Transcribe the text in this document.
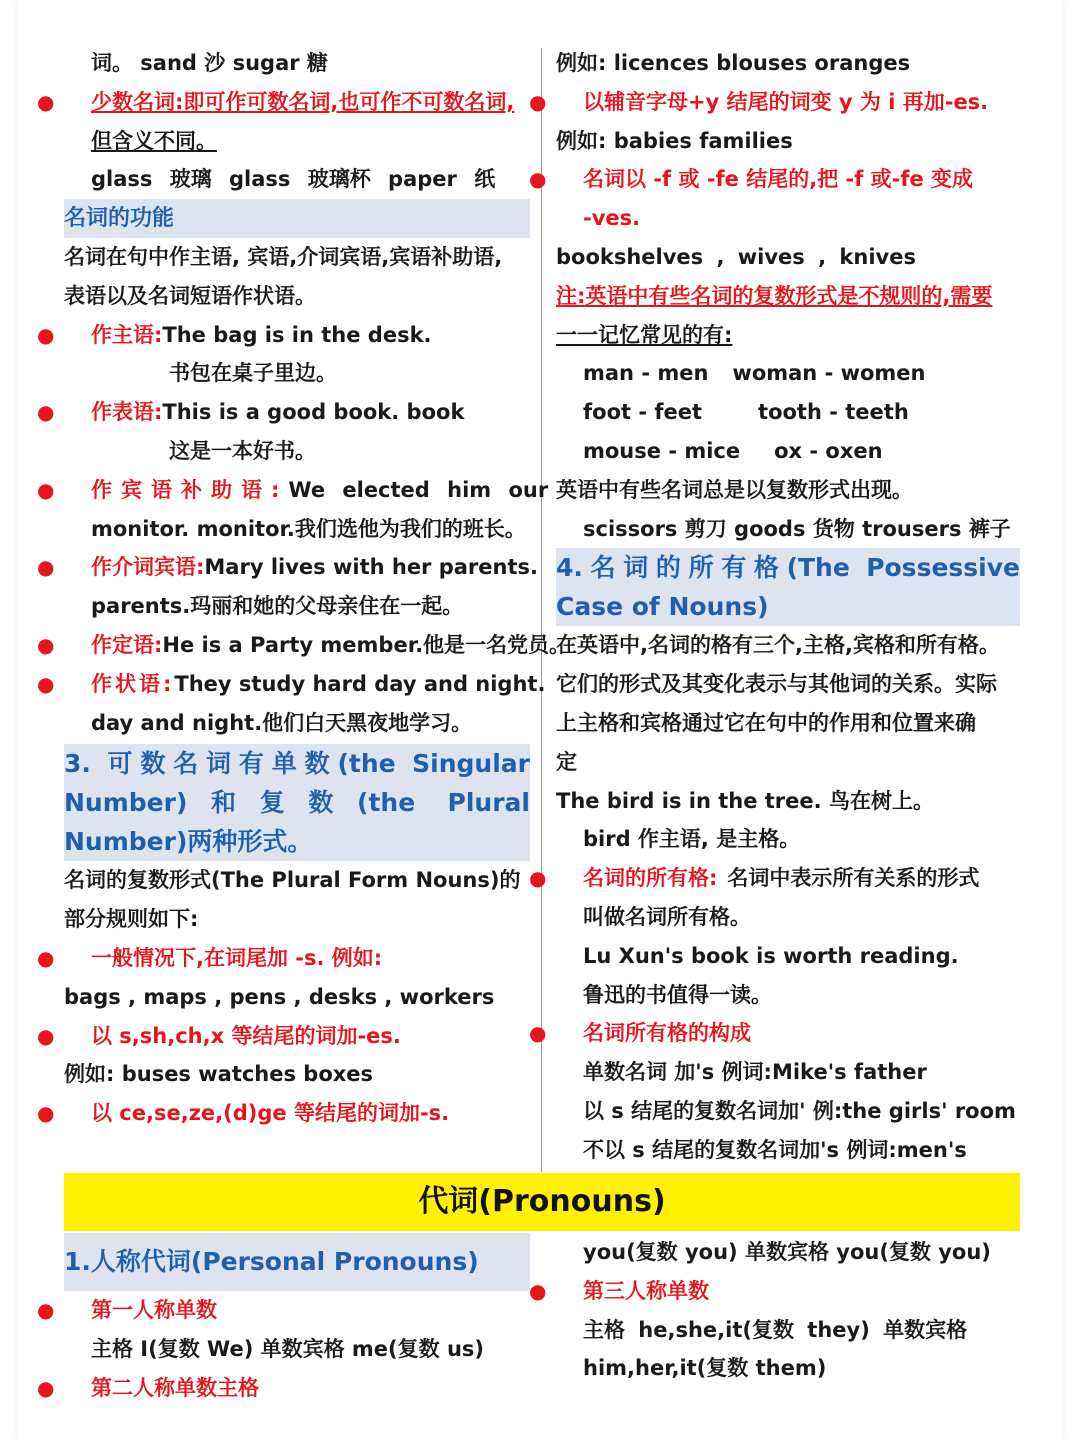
词。 sand 沙 sugar 糖
● 少数名词:即可作可数名词,也可作不可数名词,
但含义不同。
glass 玻璃 glass 玻璃杯 paper 纸
名词的功能
名词在句中作主语, 宾语,介词宾语,宾语补助语,
表语以及名词短语作状语。
● 作主语:The bag is in the desk.
书包在桌子里边。
● 作表语:This is a good book. book
这是一本好书。
● 作宾语补助语:We elected him our
monitor. monitor.我们选他为我们的班长。
● 作介词宾语:Mary lives with her parents.
parents.玛丽和她的父母亲住在一起。
● 作定语:He is a Party member.他是一名党员。
● 作状语:They study hard day and night.
day and night.他们白天黑夜地学习。
3. 可数名词有单数(the Singular Number)和复数(the Plural Number)两种形式。
名词的复数形式(The Plural Form Nouns)的
部分规则如下:
● 一般情况下,在词尾加 -s. 例如:
bags , maps , pens , desks , workers
● 以 s,sh,ch,x 等结尾的词加-es.
例如: buses watches boxes
● 以 ce,se,ze,(d)ge 等结尾的词加-s.
例如: licences blouses oranges
● 以辅音字母+y 结尾的词变 y 为 i 再加-es.
例如: babies families
● 名词以 -f 或 -fe 结尾的,把 -f 或-fe 变成
-ves.
bookshelves , wives , knives
注:英语中有些名词的复数形式是不规则的,需要
一一记忆常见的有:
man - men woman - women
foot - feet	tooth - teeth
mouse - mice ox - oxen
英语中有些名词总是以复数形式出现。
scissors 剪刀 goods 货物 trousers 裤子
4.名词的所有格(The Possessive Case of Nouns)
在英语中,名词的格有三个,主格,宾格和所有格。
它们的形式及其变化表示与其他词的关系。实际
上主格和宾格通过它在句中的作用和位置来确
定
The bird is in the tree. 鸟在树上。
bird 作主语, 是主格。
● 名词的所有格: 名词中表示所有关系的形式
叫做名词所有格。
Lu Xun's book is worth reading.
鲁迅的书值得一读。
● 名词所有格的构成
单数名词 加's 例词:Mike's father
以 s 结尾的复数名词加' 例:the girls' room
不以 s 结尾的复数名词加's 例词:men's
代词(Pronouns)
1.人称代词(Personal Pronouns)
● 第一人称单数
主格 I(复数 We) 单数宾格 me(复数 us)
● 第二人称单数主格
you(复数 you) 单数宾格 you(复数 you)
● 第三人称单数
主格 he,she,it(复数 they) 单数宾格
him,her,it(复数 them)
